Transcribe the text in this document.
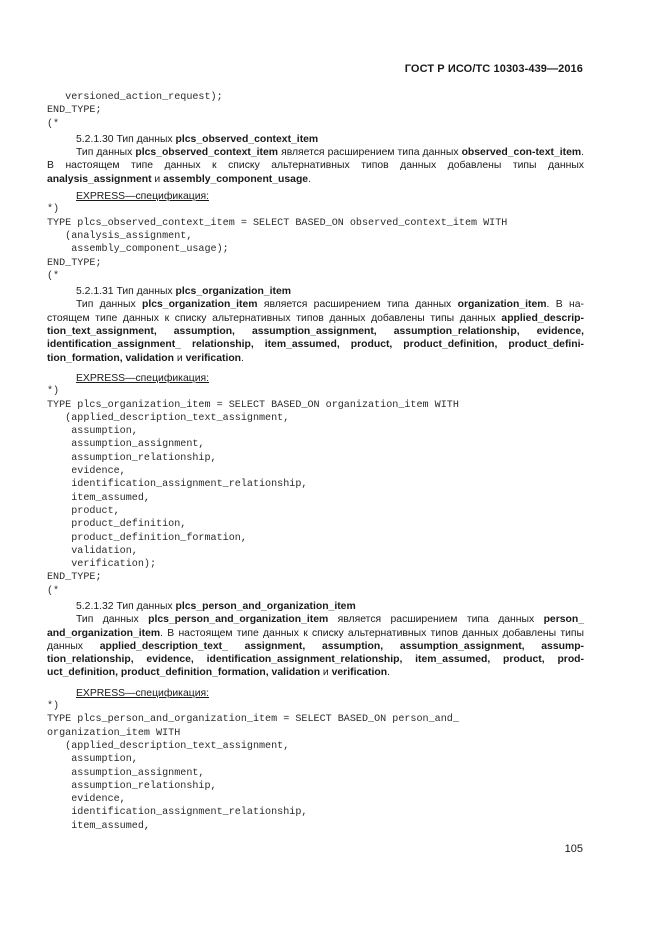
ГОСТ Р ИСО/ТС 10303-439—2016
versioned_action_request);
END_TYPE;
(*
5.2.1.30 Тип данных plcs_observed_context_item
Тип данных plcs_observed_context_item является расширением типа данных observed_con-text_item. В настоящем типе данных к списку альтернативных типов данных добавлены типы данных analysis_assignment и assembly_component_usage.
EXPRESS—спецификация:
*)
TYPE plcs_observed_context_item = SELECT BASED_ON observed_context_item WITH
(analysis_assignment,
assembly_component_usage);
END_TYPE;
(*
5.2.1.31 Тип данных plcs_organization_item
Тип данных plcs_organization_item является расширением типа данных organization_item. В на-стоящем типе данных к списку альтернативных типов данных добавлены типы данных applied_descrip-tion_text_assignment, assumption, assumption_assignment, assumption_relationship, evidence, identification_assignment_ relationship, item_assumed, product, product_definition, product_defini-tion_formation, validation и verification.
EXPRESS—спецификация:
*)
TYPE plcs_organization_item = SELECT BASED_ON organization_item WITH
(applied_description_text_assignment,
assumption,
assumption_assignment,
assumption_relationship,
evidence,
identification_assignment_relationship,
item_assumed,
product,
product_definition,
product_definition_formation,
validation,
verification);
END_TYPE;
(*
5.2.1.32 Тип данных plcs_person_and_organization_item
Тип данных plcs_person_and_organization_item является расширением типа данных person_ and_organization_item. В настоящем типе данных к списку альтернативных типов данных добавлены типы данных applied_description_text_ assignment, assumption, assumption_assignment, assump-tion_relationship, evidence, identification_assignment_relationship, item_assumed, product, prod-uct_definition, product_definition_formation, validation и verification.
EXPRESS—спецификация:
*)
TYPE plcs_person_and_organization_item = SELECT BASED_ON person_and_
organization_item WITH
(applied_description_text_assignment,
assumption,
assumption_assignment,
assumption_relationship,
evidence,
identification_assignment_relationship,
item_assumed,
105
